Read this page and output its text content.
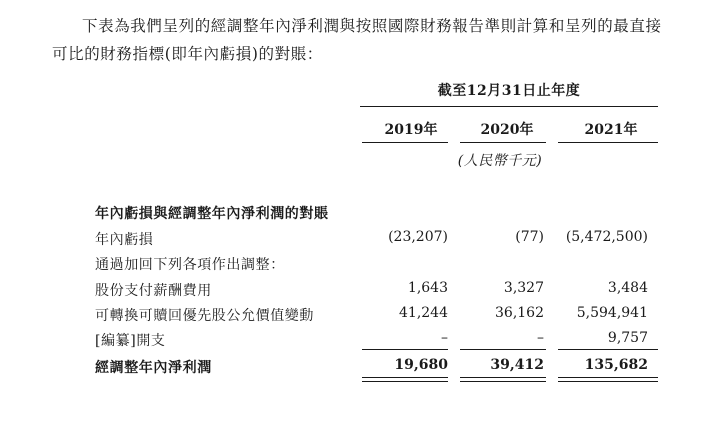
下表為我們呈列的經調整年內淨利潤與按照國際財務報告準則計算和呈列的最直接可比的財務指標(即年內虧損)的對賬：
截至12月31日止年度
2019年	2020年	2021年
(人民幣千元)
年內虧損與經調整年內淨利潤的對賬
年內虧損	(23,207)	(77)	(5,472,500)
通過加回下列各項作出調整：
股份支付薪酬費用	1,643	3,327	3,484
可轉換可贖回優先股公允價值變動	41,244	36,162	5,594,941
[編纂]開支	–	–	9,757
經調整年內淨利潤	19,680	39,412	135,682
